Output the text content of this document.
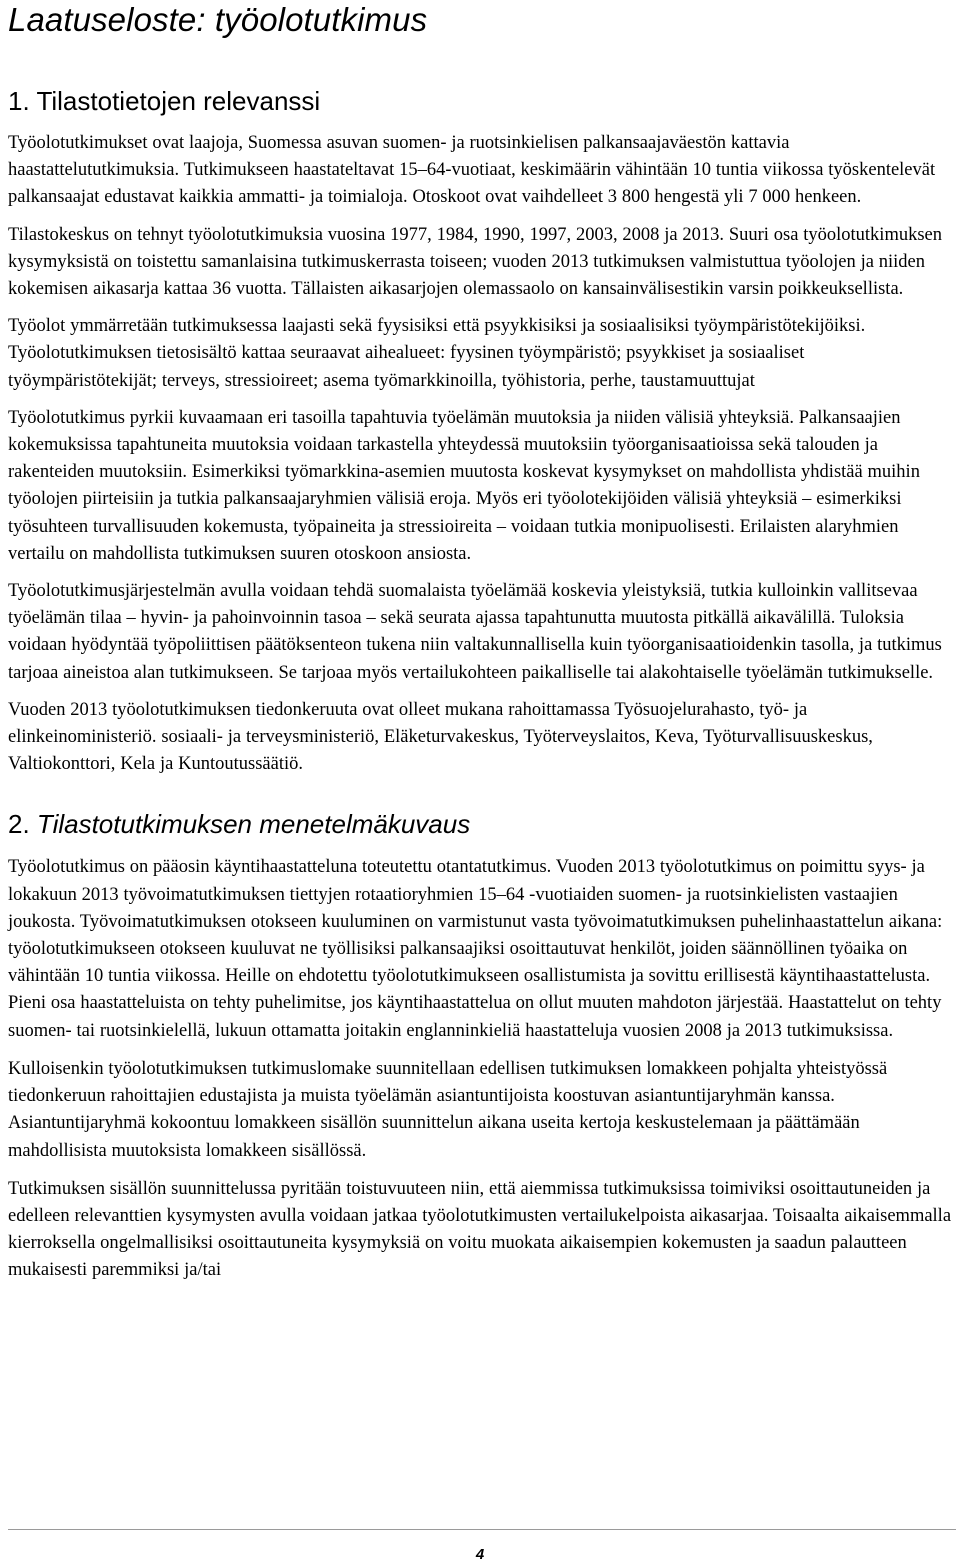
Laatuseloste: työolotutkimus
1. Tilastotietojen relevanssi

Työolotutkimukset ovat laajoja, Suomessa asuvan suomen- ja ruotsinkielisen palkansaajaväestön kattavia haastattelututkimuksia. Tutkimukseen haastateltavat 15–64-vuotiaat, keskimäärin vähintään 10 tuntia viikossa työskentelevät palkansaajat edustavat kaikkia ammatti- ja toimialoja. Otoskoot ovat vaihdelleet 3 800 hengestä yli 7 000 henkeen.

Tilastokeskus on tehnyt työolotutkimuksia vuosina 1977, 1984, 1990, 1997, 2003, 2008 ja 2013. Suuri osa työolotutkimuksen kysymyksistä on toistettu samanlaisina tutkimuskerrasta toiseen; vuoden 2013 tutkimuksen valmistuttua työolojen ja niiden kokemisen aikasarja kattaa 36 vuotta. Tällaisten aikasarjojen olemassaolo on kansainvälisestikin varsin poikkeuksellista.

Työolot ymmärretään tutkimuksessa laajasti sekä fyysisiksi että psyykkisiksi ja sosiaalisiksi työympäristötekijöiksi. Työolotutkimuksen tietosisältö kattaa seuraavat aihealueet: fyysinen työympäristö; psyykkiset ja sosiaaliset työympäristötekijät; terveys, stressioireet; asema työmarkkinoilla, työhistoria, perhe, taustamuuttujat

Työolotutkimus pyrkii kuvaamaan eri tasoilla tapahtuvia työelämän muutoksia ja niiden välisiä yhteyksiä. Palkansaajien kokemuksissa tapahtuneita muutoksia voidaan tarkastella yhteydessä muutoksiin työorganisaatioissa sekä talouden ja rakenteiden muutoksiin. Esimerkiksi työmarkkina-asemien muutosta koskevat kysymykset on mahdollista yhdistää muihin työolojen piirteisiin ja tutkia palkansaajaryhmien välisiä eroja. Myös eri työolotekijöiden välisiä yhteyksiä – esimerkiksi työsuhteen turvallisuuden kokemusta, työpaineita ja stressioireita – voidaan tutkia monipuolisesti. Erilaisten alaryhmien vertailu on mahdollista tutkimuksen suuren otoskoon ansiosta.

Työolotutkimusjärjestelmän avulla voidaan tehdä suomalaista työelämää koskevia yleistyksiä, tutkia kulloinkin vallitsevaa työelämän tilaa – hyvin- ja pahoinvoinnin tasoa – sekä seurata ajassa tapahtunutta muutosta pitkällä aikavälillä. Tuloksia voidaan hyödyntää työpoliittisen päätöksenteon tukena niin valtakunnallisella kuin työorganisaatioidenkin tasolla, ja tutkimus tarjoaa aineistoa alan tutkimukseen. Se tarjoaa myös vertailukohteen paikalliselle tai alakohtaiselle työelämän tutkimukselle.

Vuoden 2013 työolotutkimuksen tiedonkeruuta ovat olleet mukana rahoittamassa Työsuojelurahasto, työ- ja elinkeinoministeriö. sosiaali- ja terveysministeriö, Eläketurvakeskus, Työterveyslaitos, Keva, Työturvallisuuskeskus, Valtiokonttori, Kela ja Kuntoutussäätiö.

2. Tilastotutkimuksen menetelmäkuvaus

Työolotutkimus on pääosin käyntihaastatteluna toteutettu otantatutkimus. Vuoden 2013 työolotutkimus on poimittu syys- ja lokakuun 2013 työvoimatutkimuksen tiettyjen rotaatioryhmien 15–64 -vuotiaiden suomen- ja ruotsinkielisten vastaajien joukosta. Työvoimatutkimuksen otokseen kuuluminen on varmistunut vasta työvoimatutkimuksen puhelinhaastattelun aikana: työolotutkimukseen otokseen kuuluvat ne työllisiksi palkansaajiksi osoittautuvat henkilöt, joiden säännöllinen työaika on vähintään 10 tuntia viikossa. Heille on ehdotettu työolotutkimukseen osallistumista ja sovittu erillisestä käyntihaastattelusta. Pieni osa haastatteluista on tehty puhelimitse, jos käyntihaastattelua on ollut muuten mahdoton järjestää. Haastattelut on tehty suomen- tai ruotsinkielellä, lukuun ottamatta joitakin englanninkieliä haastatteluja vuosien 2008 ja 2013 tutkimuksissa.

Kulloisenkin työolotutkimuksen tutkimuslomake suunnitellaan edellisen tutkimuksen lomakkeen pohjalta yhteistyössä tiedonkeruun rahoittajien edustajista ja muista työelämän asiantuntijoista koostuvan asiantuntijaryhmän kanssa. Asiantuntijaryhmä kokoontuu lomakkeen sisällön suunnittelun aikana useita kertoja keskustelemaan ja päättämään mahdollisista muutoksista lomakkeen sisällössä.

Tutkimuksen sisällön suunnittelussa pyritään toistuvuuteen niin, että aiemmissa tutkimuksissa toimiviksi osoittautuneiden ja edelleen relevanttien kysymysten avulla voidaan jatkaa työolotutkimusten vertailukelpoista aikasarjaa. Toisaalta aikaisemmalla kierroksella ongelmallisiksi osoittautuneita kysymyksiä on voitu muokata aikaisempien kokemusten ja saadun palautteen mukaisesti paremmiksi ja/tai

4
